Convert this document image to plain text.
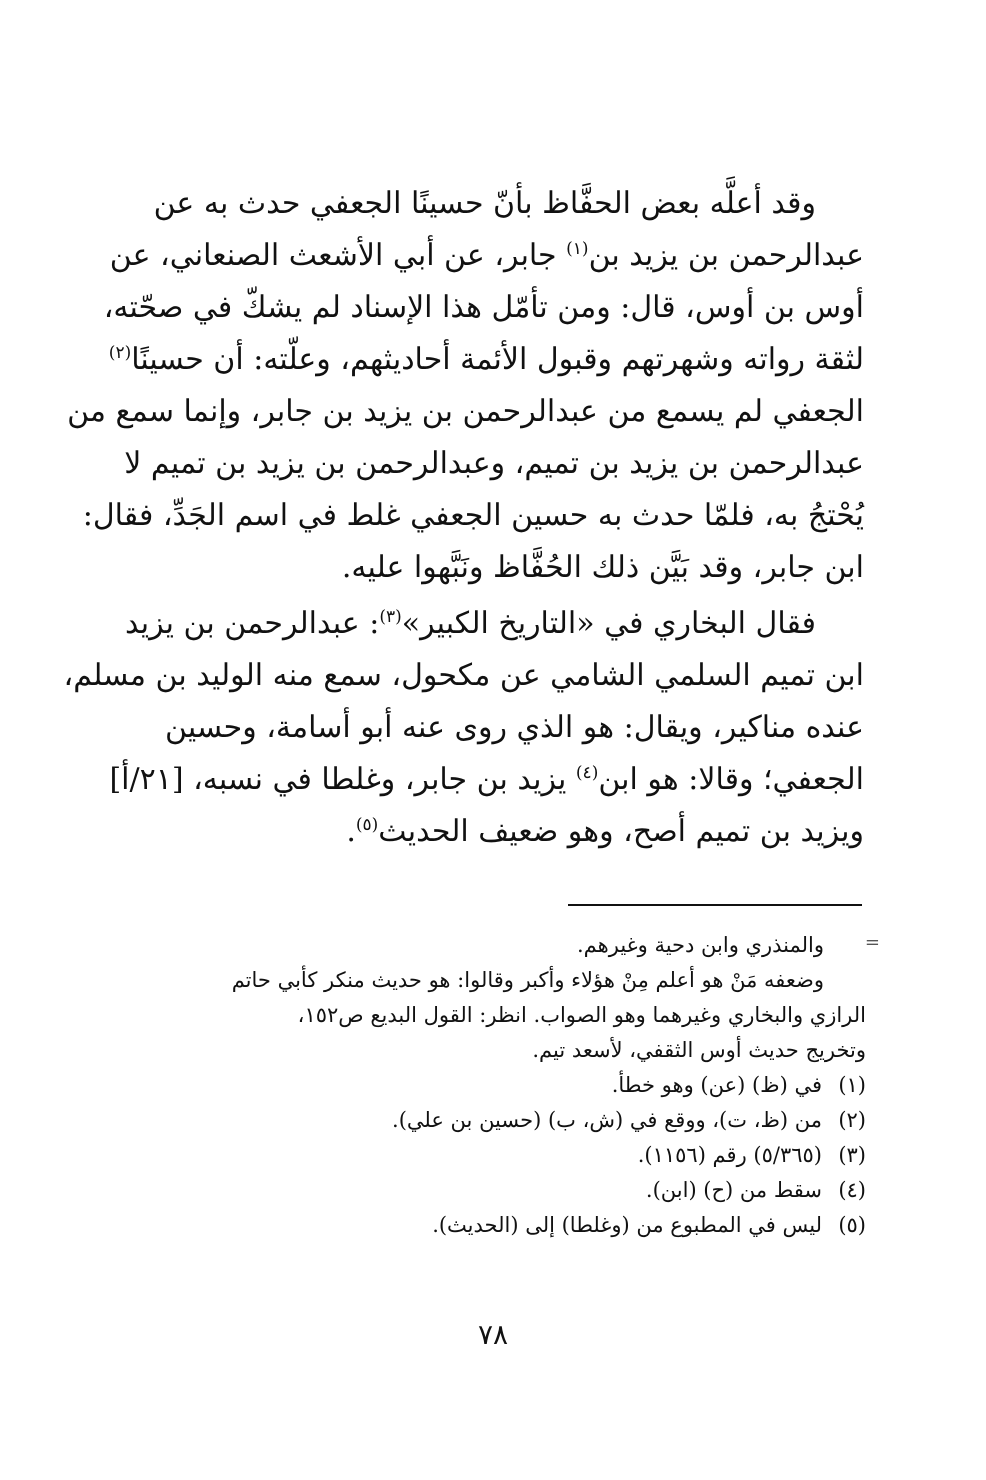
وقد أعلَّه بعض الحفَّاظ بأنّ حسينًا الجعفي حدث به عن
عبدالرحمن بن يزيد بن$^{(١)}$ جابر، عن أبي الأشعث الصنعاني، عن
أوس بن أوس، قال: ومن تأمّل هذا الإسناد لم يشكّ في صحّته،
لثقة رواته وشهرتهم وقبول الأئمة أحاديثهم، وعلّته: أن حسينًا$^{(٢)}$
الجعفي لم يسمع من عبدالرحمن بن يزيد بن جابر، وإنما سمع من
عبدالرحمن بن يزيد بن تميم، وعبدالرحمن بن يزيد بن تميم لا
يُحْتجُ به، فلمّا حدث به حسين الجعفي غلط في اسم الجَدِّ، فقال:
ابن جابر، وقد بَيَّن ذلك الحُفَّاظ ونَبَّهوا عليه.
فقال البخاري في «التاريخ الكبير»$^{(٣)}$: عبدالرحمن بن يزيد
ابن تميم السلمي الشامي عن مكحول، سمع منه الوليد بن مسلم،
عنده مناكير، ويقال: هو الذي روى عنه أبو أسامة، وحسين
الجعفي؛ وقالا: هو ابن$^{(٤)}$ يزيد بن جابر، وغلطا في نسبه، [٢١/أ]
ويزيد بن تميم أصح، وهو ضعيف الحديث$^{(٥)}$.
=
والمنذري وابن دحية وغيرهم.
وضعفه مَنْ هو أعلم مِنْ هؤلاء وأكبر وقالوا: هو حديث منكر كأبي حاتم
الرازي والبخاري وغيرهما وهو الصواب. انظر: القول البديع ص١٥٢،
وتخريج حديث أوس الثقفي، لأسعد تيم.
(١)في (ظ) (عن) وهو خطأ.
(٢)من (ظ، ت)، ووقع في (ش، ب) (حسين بن علي).
(٣)(٥/٣٦٥) رقم (١١٥٦).
(٤)سقط من (ح) (ابن).
(٥)ليس في المطبوع من (وغلطا) إلى (الحديث).
٧٨
